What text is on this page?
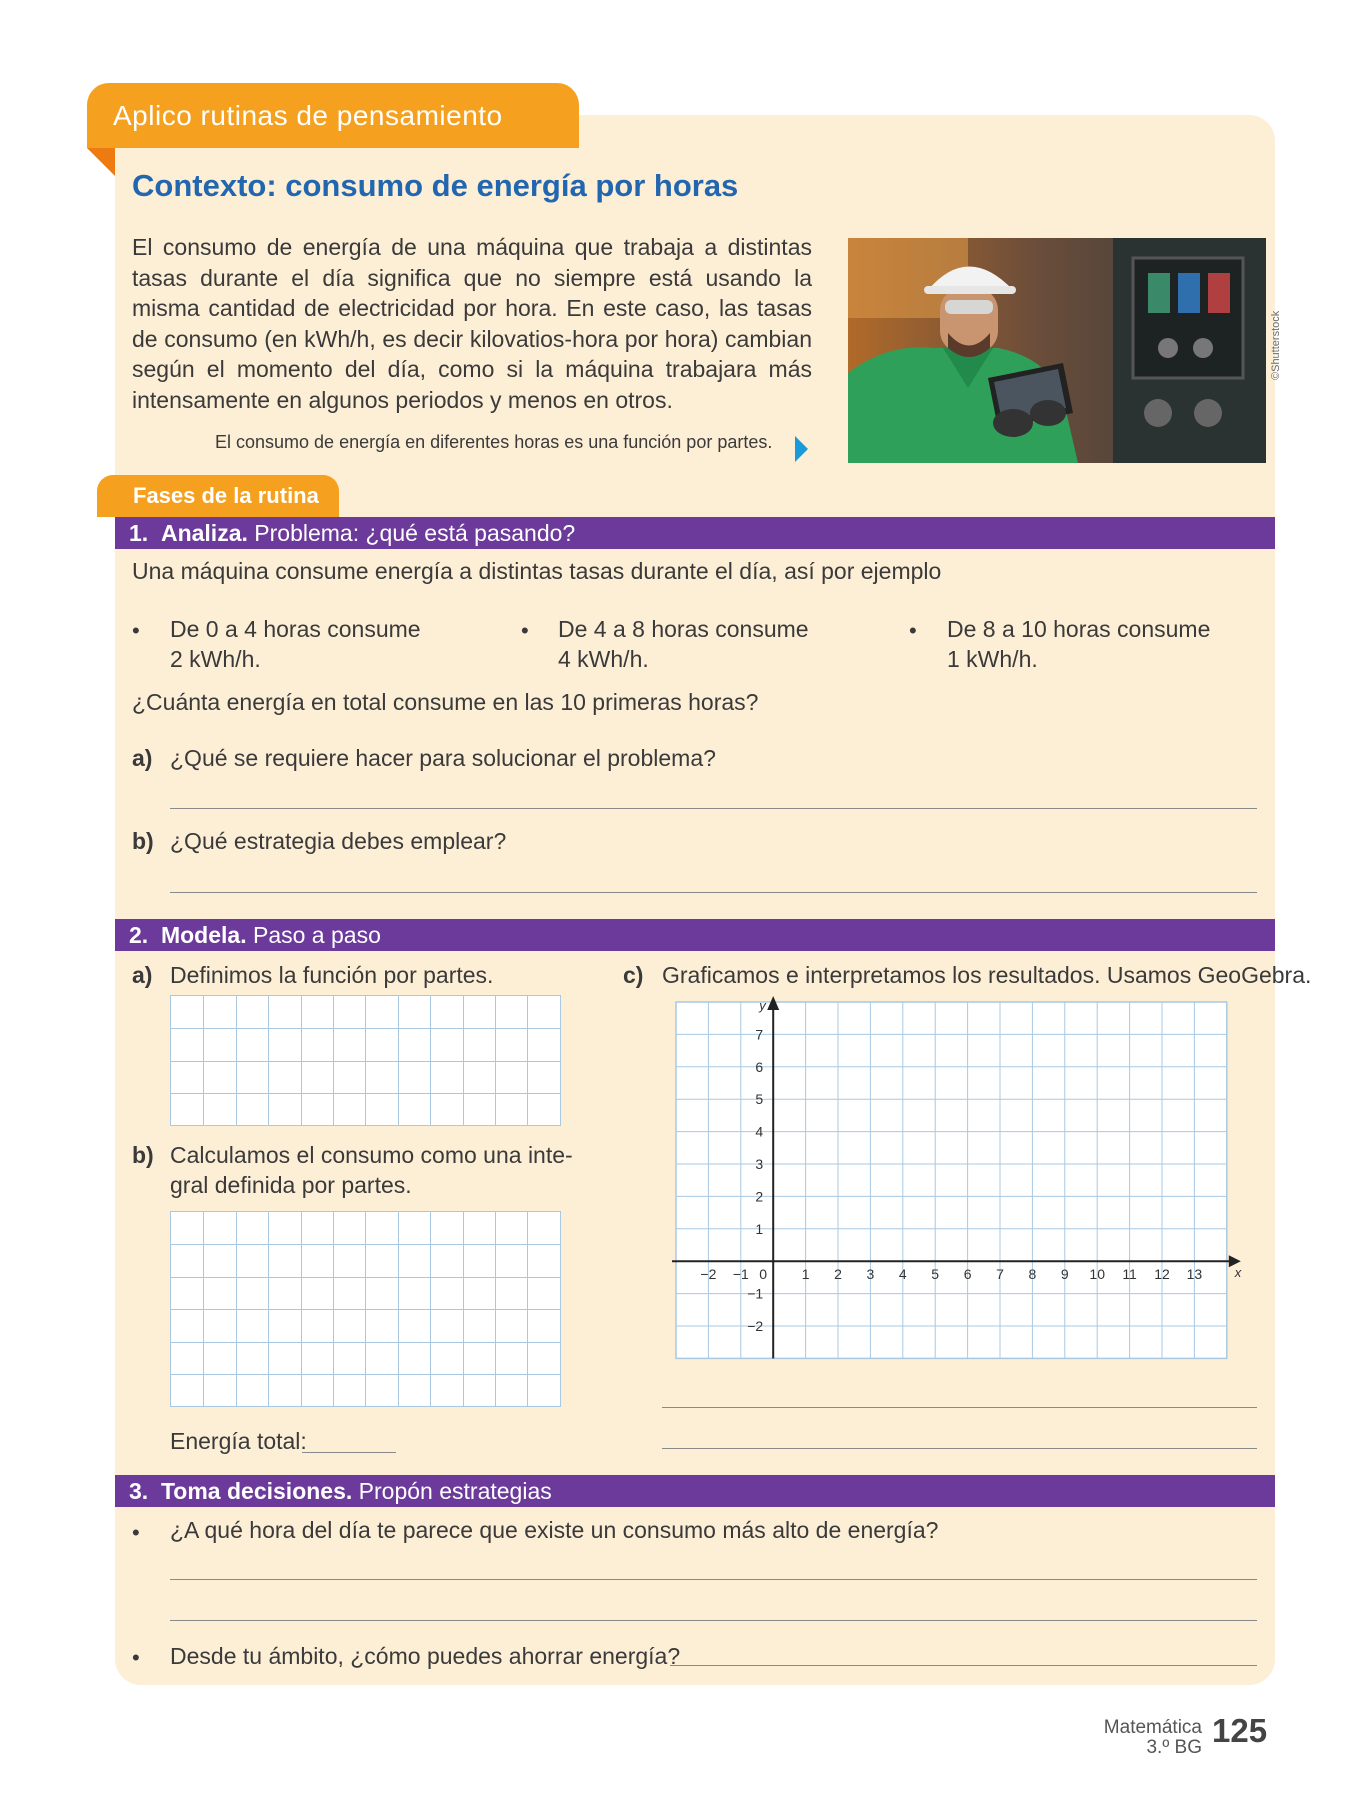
Aplico rutinas de pensamiento
Contexto: consumo de energía por horas
El consumo de energía de una máquina que trabaja a distintas tasas durante el día significa que no siempre está usando la misma cantidad de electricidad por hora. En este caso, las tasas de consumo (en kWh/h, es decir kilovatios-hora por hora) cambian según el momento del día, como si la máquina trabajara más intensamente en algunos periodos y menos en otros.
El consumo de energía en diferentes horas es una función por partes.
©Shutterstock
Fases de la rutina
1. Analiza. Problema: ¿qué está pasando?
Una máquina consume energía a distintas tasas durante el día, así por ejemplo
• De 0 a 4 horas consume
2 kWh/h.
• De 4 a 8 horas consume
4 kWh/h.
• De 8 a 10 horas consume
1 kWh/h.
¿Cuánta energía en total consume en las 10 primeras horas?
a) ¿Qué se requiere hacer para solucionar el problema?
b) ¿Qué estrategia debes emplear?
2. Modela. Paso a paso
a) Definimos la función por partes.
b) Calculamos el consumo como una inte-
gral definida por partes.
Energía total:
c) Graficamos e interpretamos los resultados. Usamos GeoGebra.
−2 −1 0 1 2 3 4 5 6 7 8 9 10 11 12 13
7
6
5
4
3
2
1
−1
−2
x
y
3. Toma decisiones. Propón estrategias
• ¿A qué hora del día te parece que existe un consumo más alto de energía?
• Desde tu ámbito, ¿cómo puedes ahorrar energía?
Matemática
3.º BG 125
